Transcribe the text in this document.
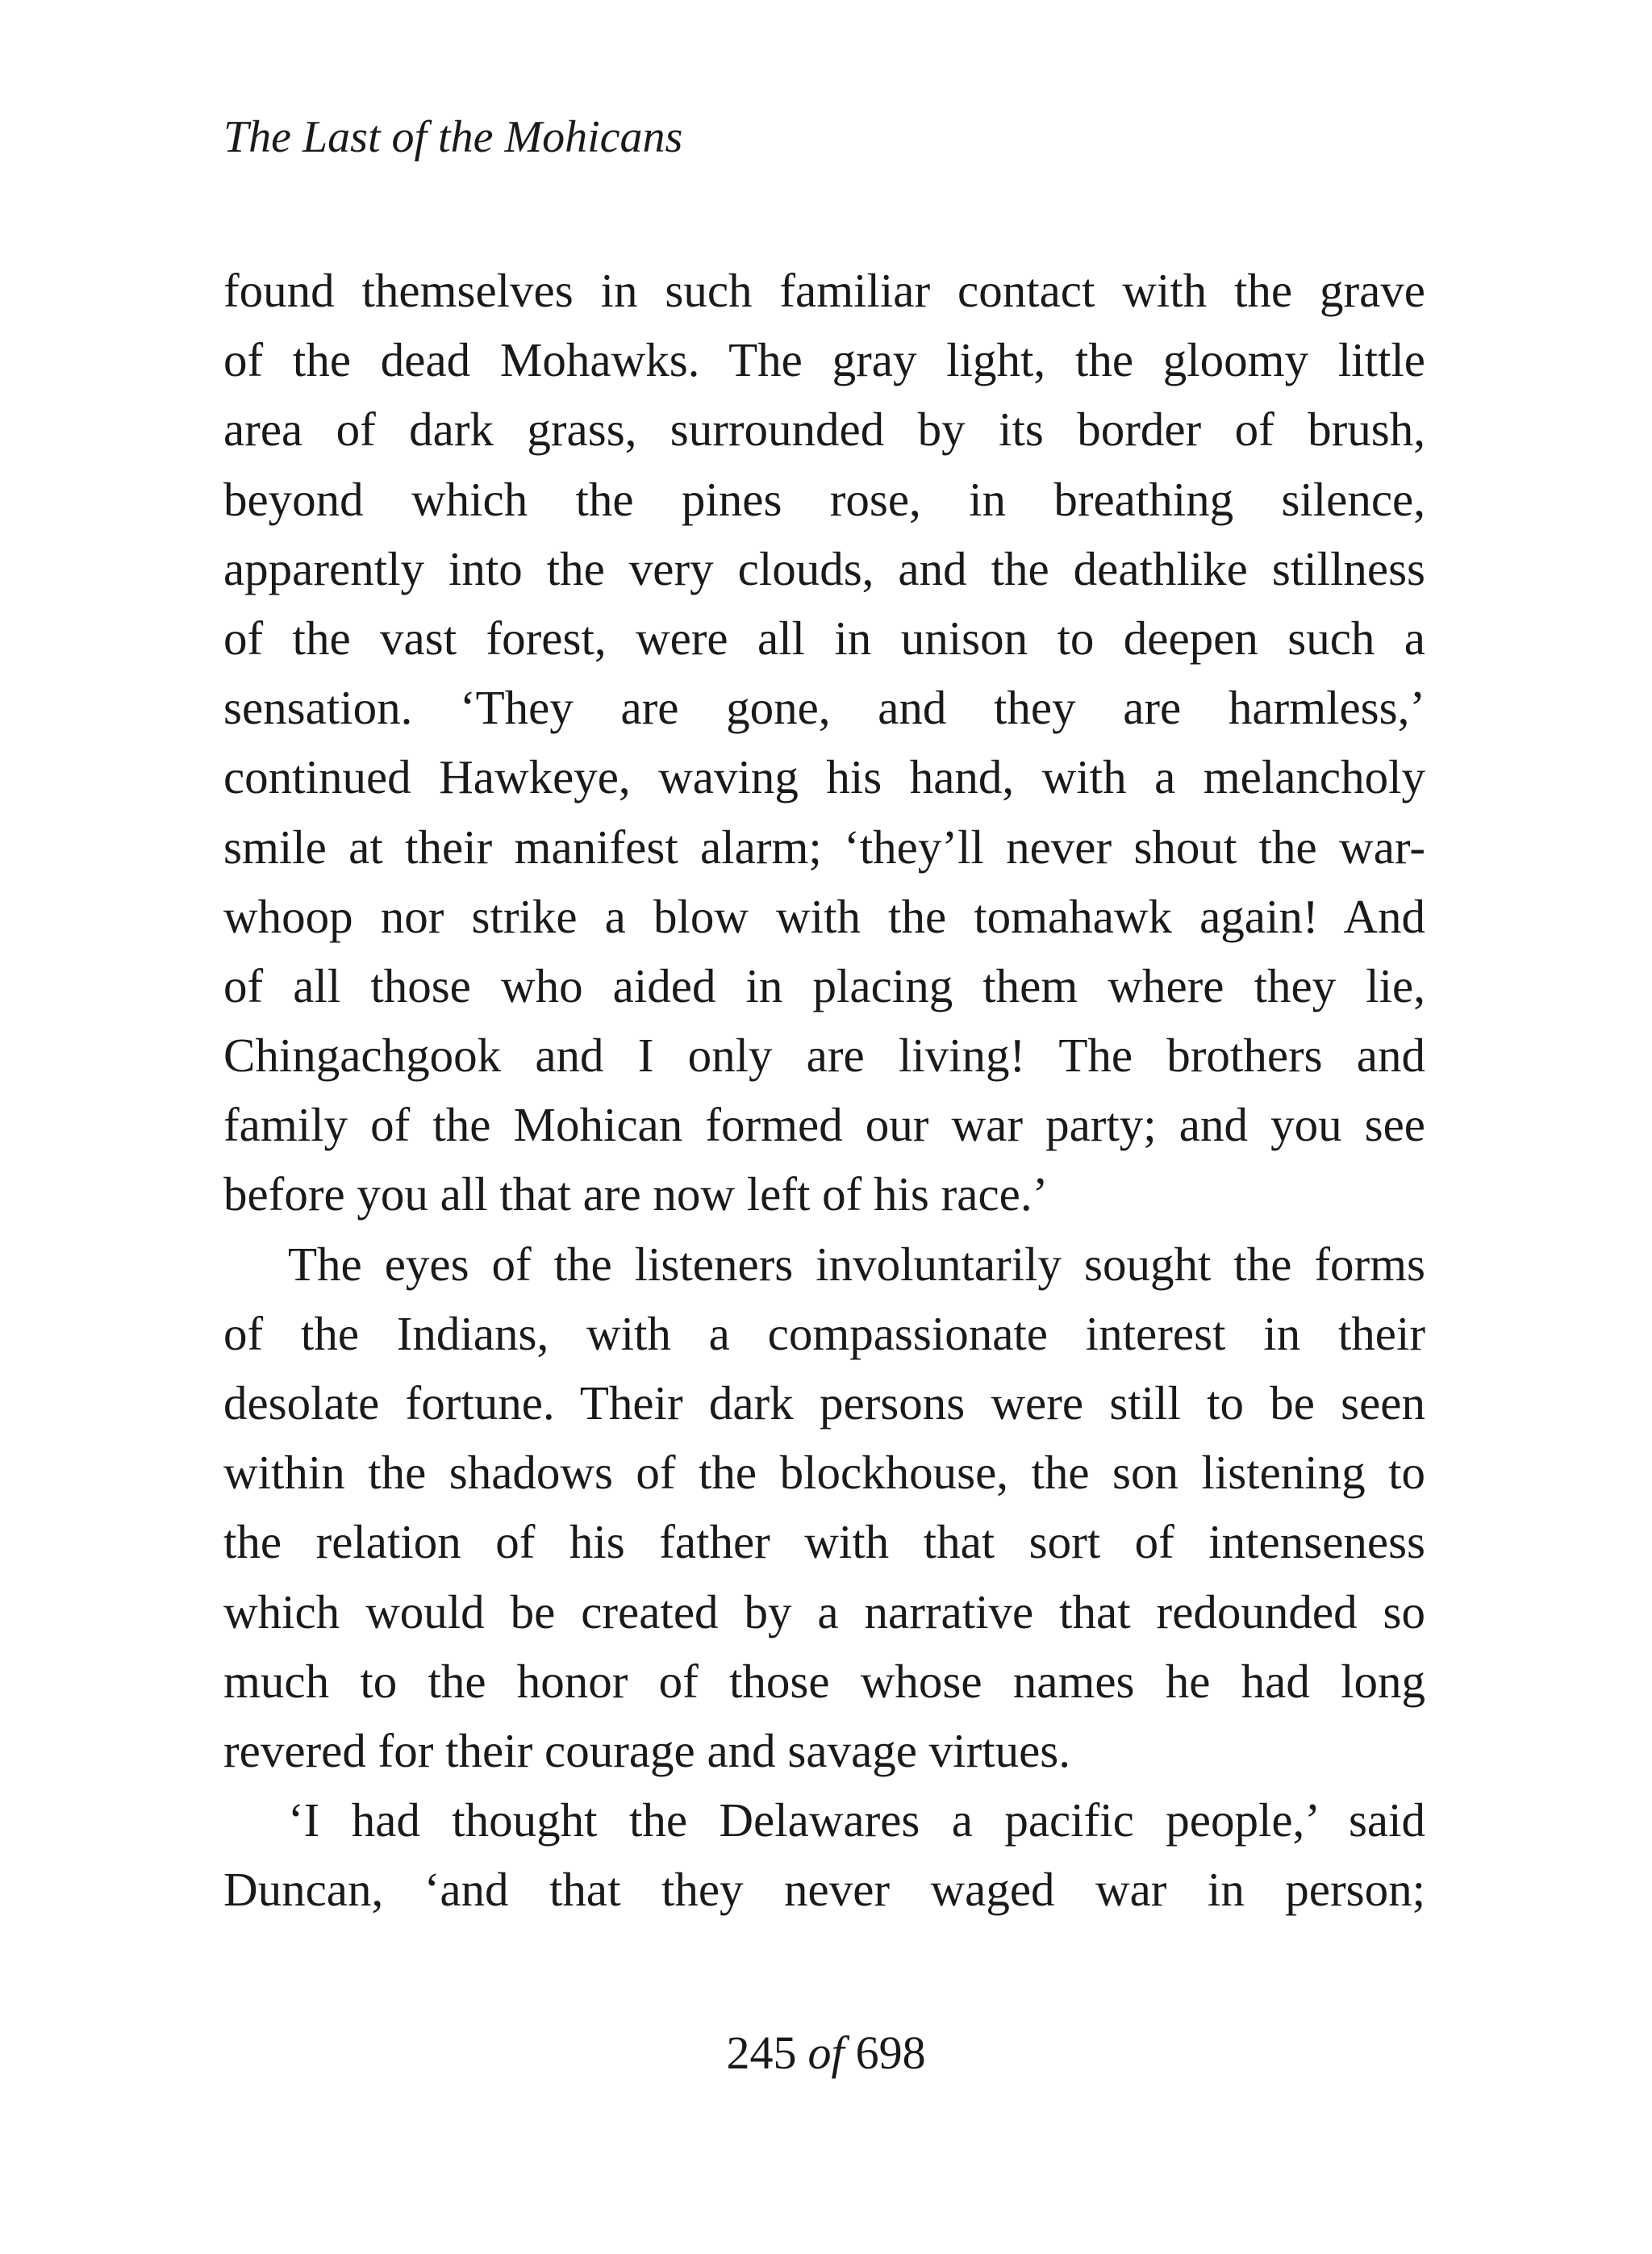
The Last of the Mohicans
found themselves in such familiar contact with the grave
of the dead Mohawks. The gray light, the gloomy little
area of dark grass, surrounded by its border of brush,
beyond which the pines rose, in breathing silence,
apparently into the very clouds, and the deathlike stillness
of the vast forest, were all in unison to deepen such a
sensation. ‘They are gone, and they are harmless,’
continued Hawkeye, waving his hand, with a melancholy
smile at their manifest alarm; ‘they’ll never shout the war-
whoop nor strike a blow with the tomahawk again! And
of all those who aided in placing them where they lie,
Chingachgook and I only are living! The brothers and
family of the Mohican formed our war party; and you see
before you all that are now left of his race.’
The eyes of the listeners involuntarily sought the forms
of the Indians, with a compassionate interest in their
desolate fortune. Their dark persons were still to be seen
within the shadows of the blockhouse, the son listening to
the relation of his father with that sort of intenseness
which would be created by a narrative that redounded so
much to the honor of those whose names he had long
revered for their courage and savage virtues.
‘I had thought the Delawares a pacific people,’ said
Duncan, ‘and that they never waged war in person;
245 of 698
